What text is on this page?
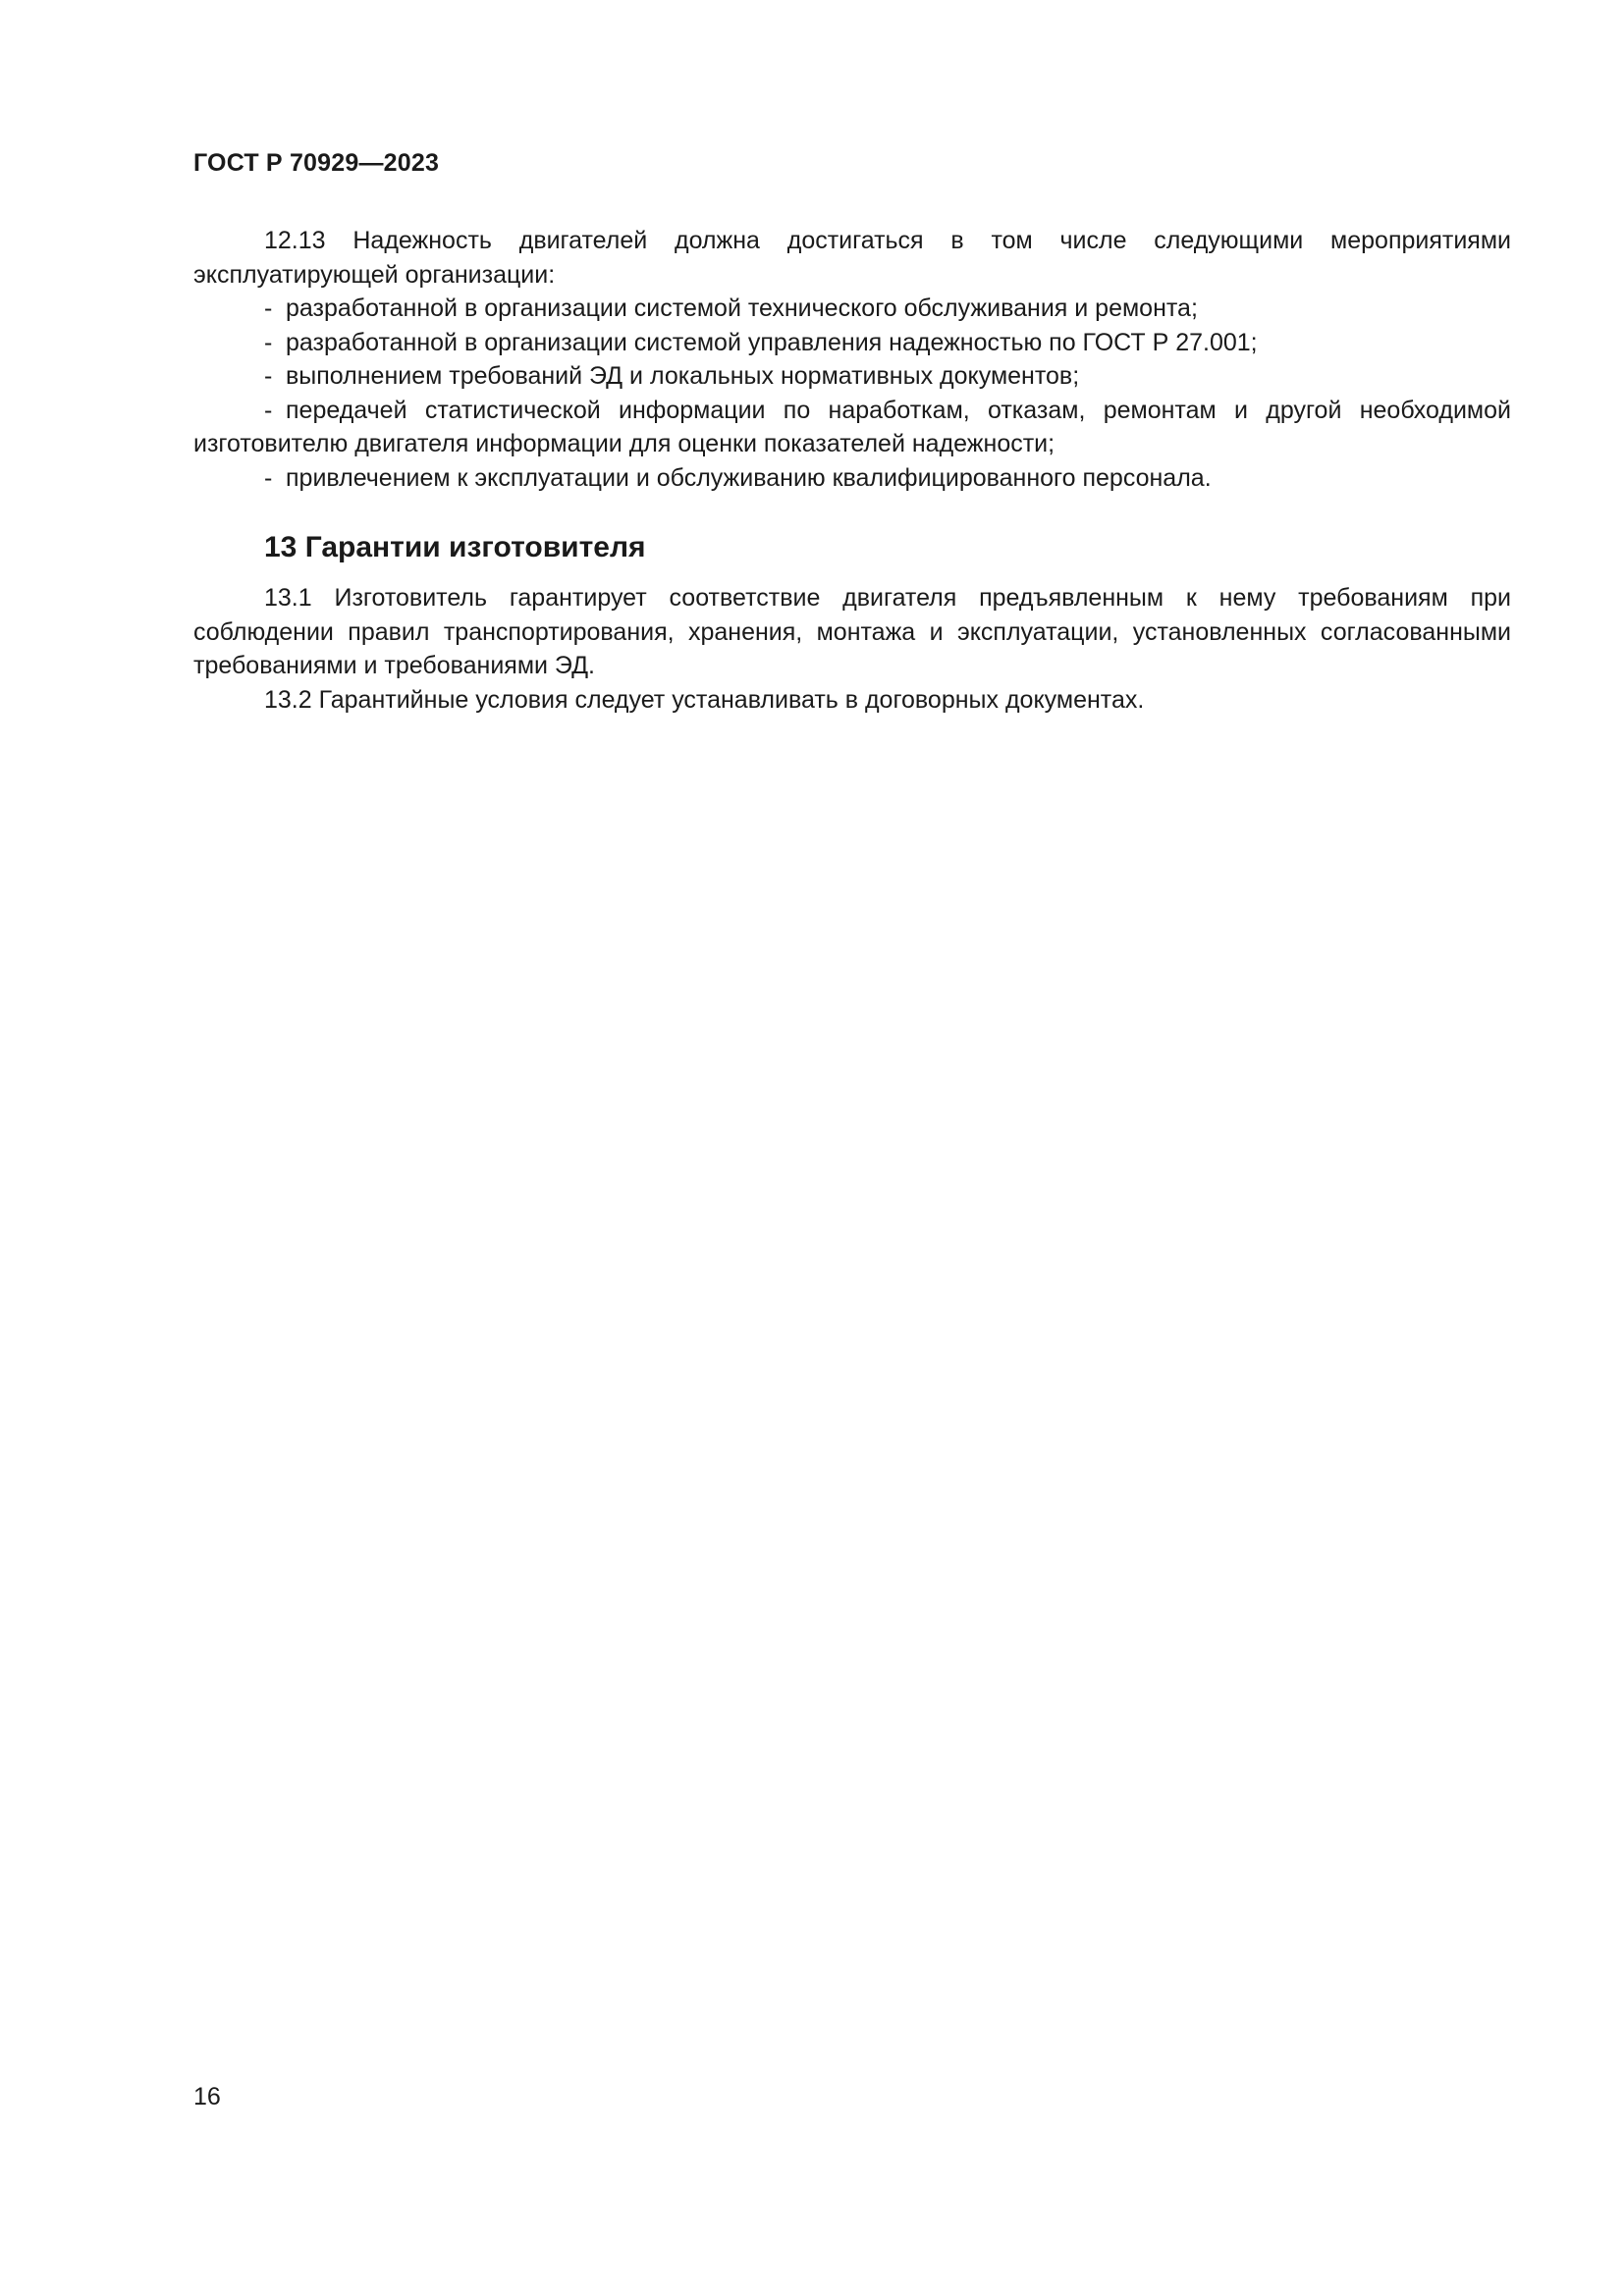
ГОСТ Р 70929—2023

12.13 Надежность двигателей должна достигаться в том числе следующими мероприятиями эксплуатирующей организации:

- разработанной в организации системой технического обслуживания и ремонта;
- разработанной в организации системой управления надежностью по ГОСТ Р 27.001;
- выполнением требований ЭД и локальных нормативных документов;
- передачей статистической информации по наработкам, отказам, ремонтам и другой необходимой изготовителю двигателя информации для оценки показателей надежности;
- привлечением к эксплуатации и обслуживанию квалифицированного персонала.
13 Гарантии изготовителя

13.1 Изготовитель гарантирует соответствие двигателя предъявленным к нему требованиям при соблюдении правил транспортирования, хранения, монтажа и эксплуатации, установленных согласованными требованиями и требованиями ЭД.

13.2 Гарантийные условия следует устанавливать в договорных документах.

16
